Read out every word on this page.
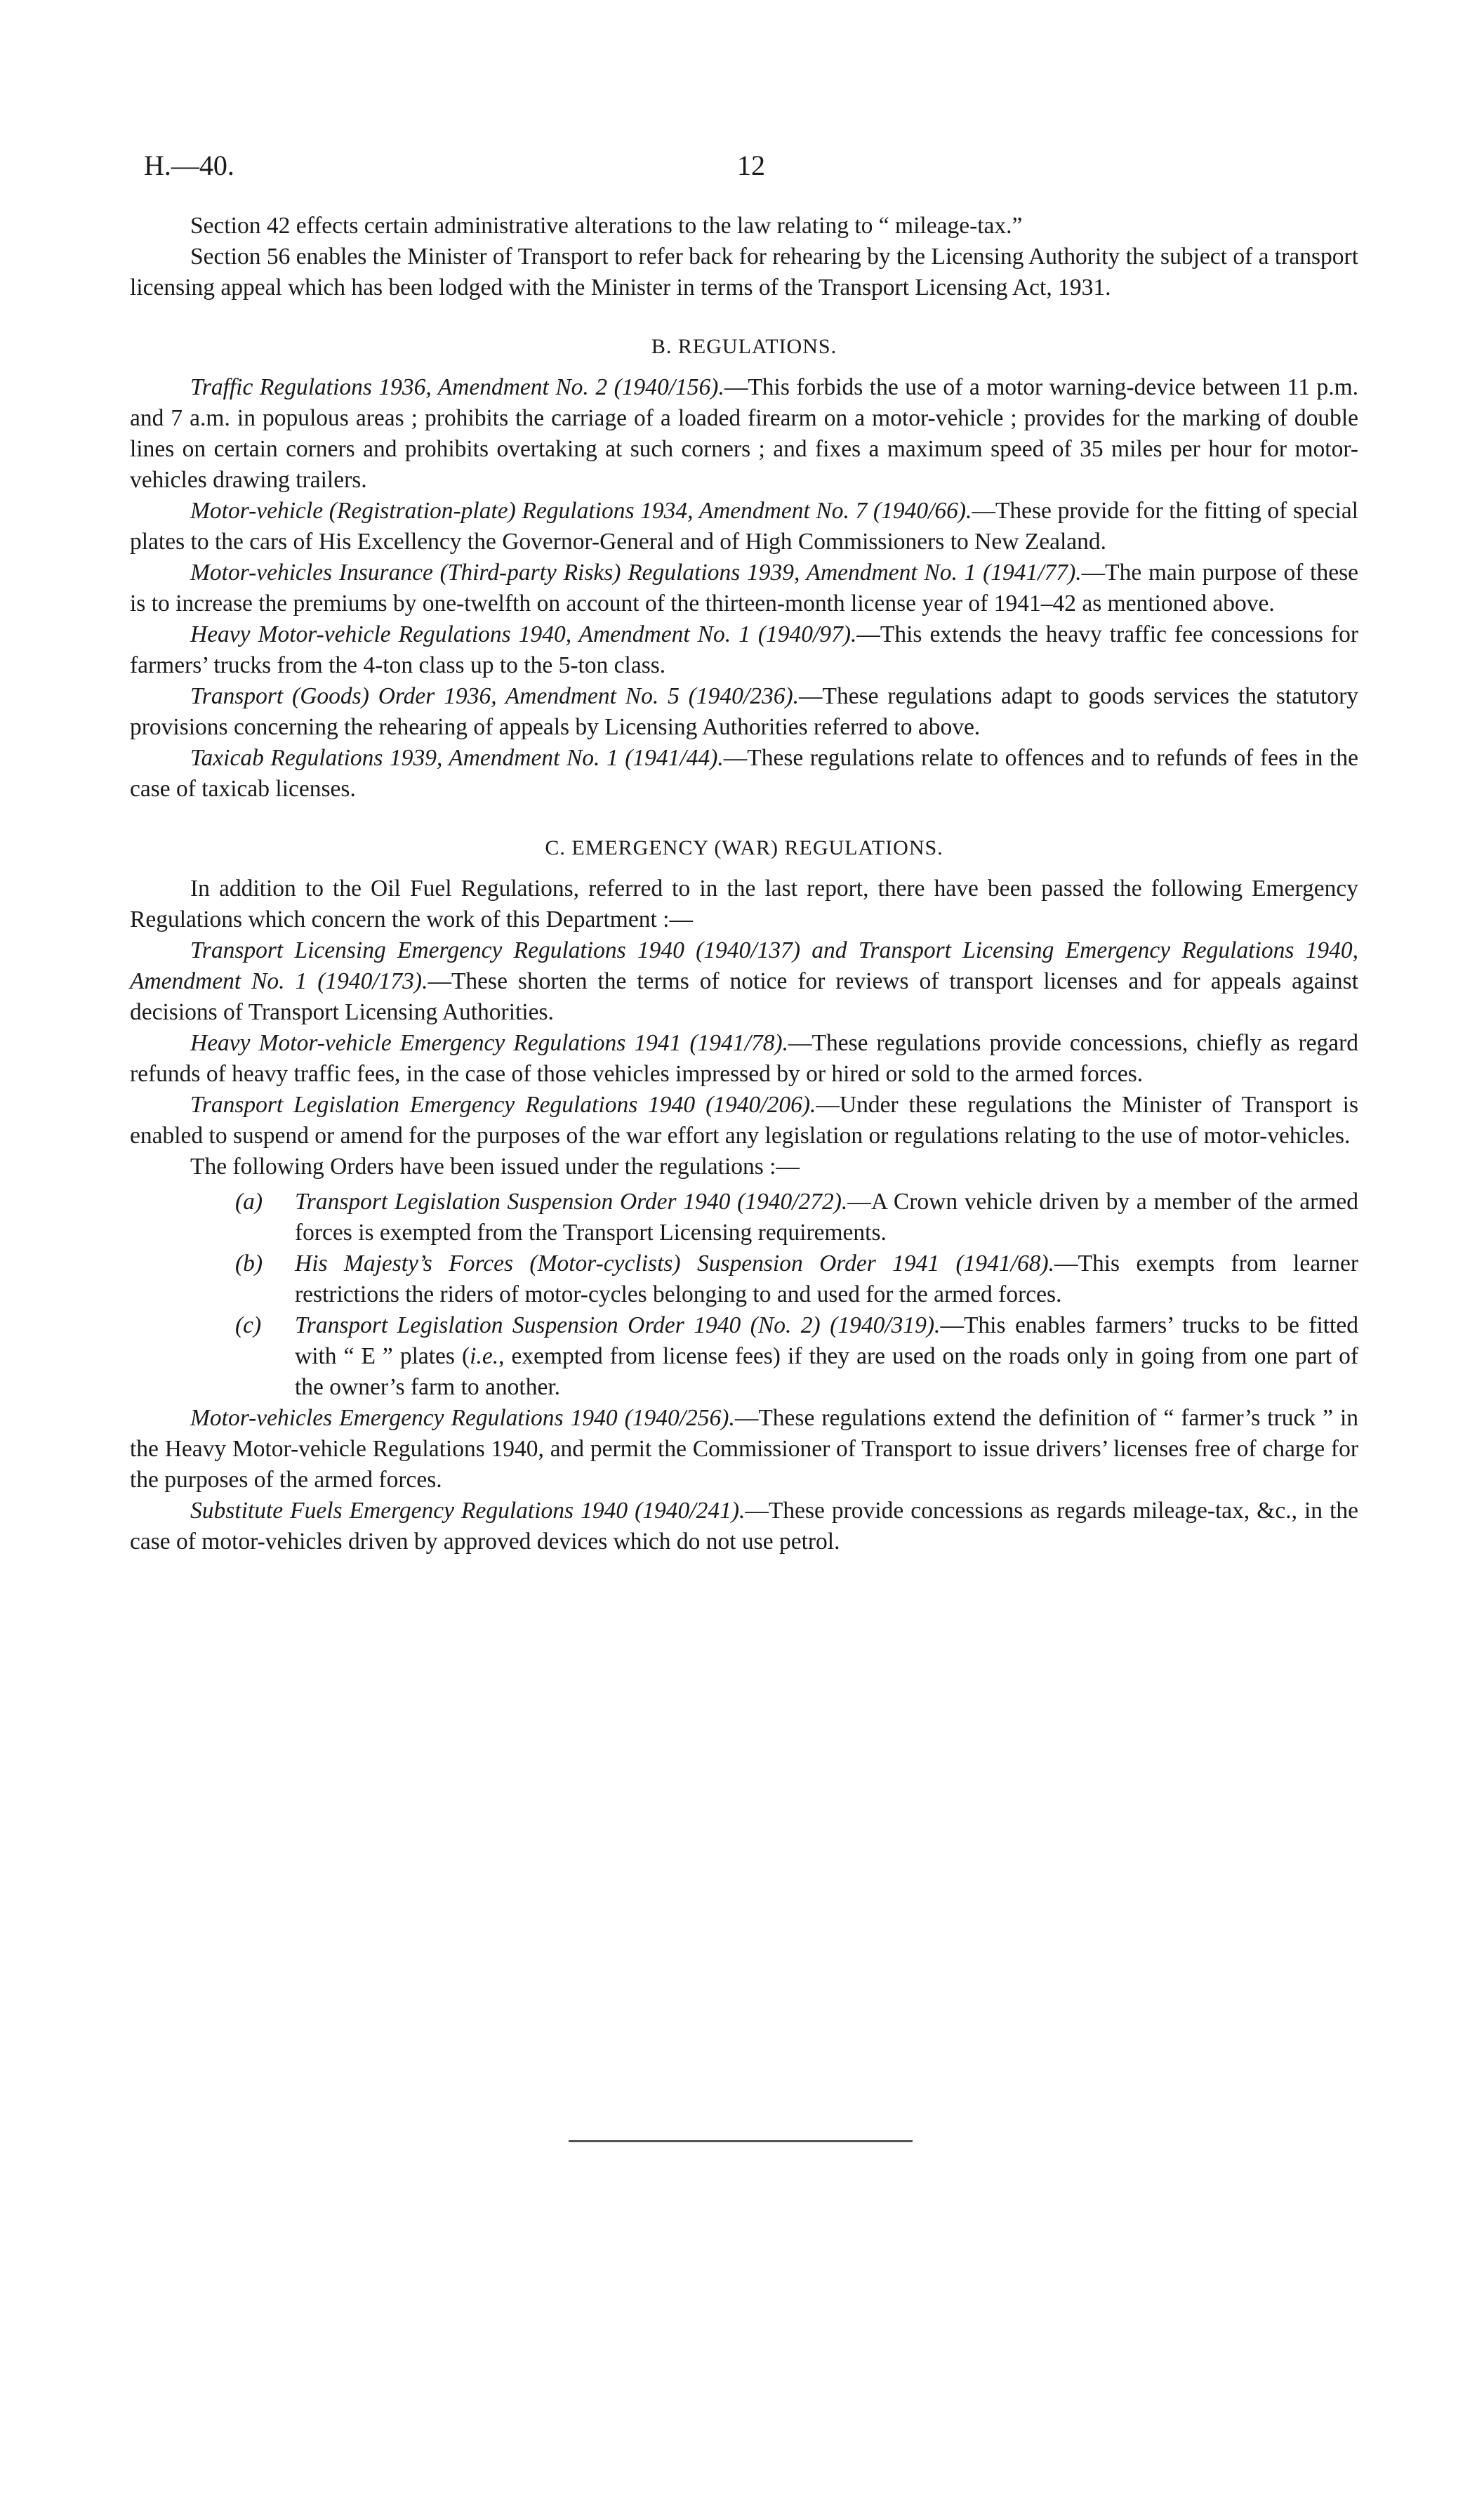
H.—40.	12

Section 42 effects certain administrative alterations to the law relating to “ mileage-tax.”

Section 56 enables the Minister of Transport to refer back for rehearing by the Licensing Authority the subject of a transport licensing appeal which has been lodged with the Minister in terms of the Transport Licensing Act, 1931.

B. REGULATIONS.

Traffic Regulations 1936, Amendment No. 2 (1940/156).—This forbids the use of a motor warning-device between 11 p.m. and 7 a.m. in populous areas ; prohibits the carriage of a loaded firearm on a motor-vehicle ; provides for the marking of double lines on certain corners and prohibits overtaking at such corners ; and fixes a maximum speed of 35 miles per hour for motor-vehicles drawing trailers.

Motor-vehicle (Registration-plate) Regulations 1934, Amendment No. 7 (1940/66).—These provide for the fitting of special plates to the cars of His Excellency the Governor-General and of High Commissioners to New Zealand.

Motor-vehicles Insurance (Third-party Risks) Regulations 1939, Amendment No. 1 (1941/77).—The main purpose of these is to increase the premiums by one-twelfth on account of the thirteen-month license year of 1941–42 as mentioned above.

Heavy Motor-vehicle Regulations 1940, Amendment No. 1 (1940/97).—This extends the heavy traffic fee concessions for farmers’ trucks from the 4-ton class up to the 5-ton class.

Transport (Goods) Order 1936, Amendment No. 5 (1940/236).—These regulations adapt to goods services the statutory provisions concerning the rehearing of appeals by Licensing Authorities referred to above.

Taxicab Regulations 1939, Amendment No. 1 (1941/44).—These regulations relate to offences and to refunds of fees in the case of taxicab licenses.

C. EMERGENCY (WAR) REGULATIONS.

In addition to the Oil Fuel Regulations, referred to in the last report, there have been passed the following Emergency Regulations which concern the work of this Department :—

Transport Licensing Emergency Regulations 1940 (1940/137) and Transport Licensing Emergency Regulations 1940, Amendment No. 1 (1940/173).—These shorten the terms of notice for reviews of transport licenses and for appeals against decisions of Transport Licensing Authorities.

Heavy Motor-vehicle Emergency Regulations 1941 (1941/78).—These regulations provide concessions, chiefly as regard refunds of heavy traffic fees, in the case of those vehicles impressed by or hired or sold to the armed forces.

Transport Legislation Emergency Regulations 1940 (1940/206).—Under these regulations the Minister of Transport is enabled to suspend or amend for the purposes of the war effort any legislation or regulations relating to the use of motor-vehicles.

The following Orders have been issued under the regulations :—

(a) Transport Legislation Suspension Order 1940 (1940/272).—A Crown vehicle driven by a member of the armed forces is exempted from the Transport Licensing requirements.
(b) His Majesty’s Forces (Motor-cyclists) Suspension Order 1941 (1941/68).—This exempts from learner restrictions the riders of motor-cycles belonging to and used for the armed forces.
(c) Transport Legislation Suspension Order 1940 (No. 2) (1940/319).—This enables farmers’ trucks to be fitted with “ E ” plates (i.e., exempted from license fees) if they are used on the roads only in going from one part of the owner’s farm to another.

Motor-vehicles Emergency Regulations 1940 (1940/256).—These regulations extend the definition of “ farmer’s truck ” in the Heavy Motor-vehicle Regulations 1940, and permit the Commissioner of Transport to issue drivers’ licenses free of charge for the purposes of the armed forces.

Substitute Fuels Emergency Regulations 1940 (1940/241).—These provide concessions as regards mileage-tax, &c., in the case of motor-vehicles driven by approved devices which do not use petrol.
